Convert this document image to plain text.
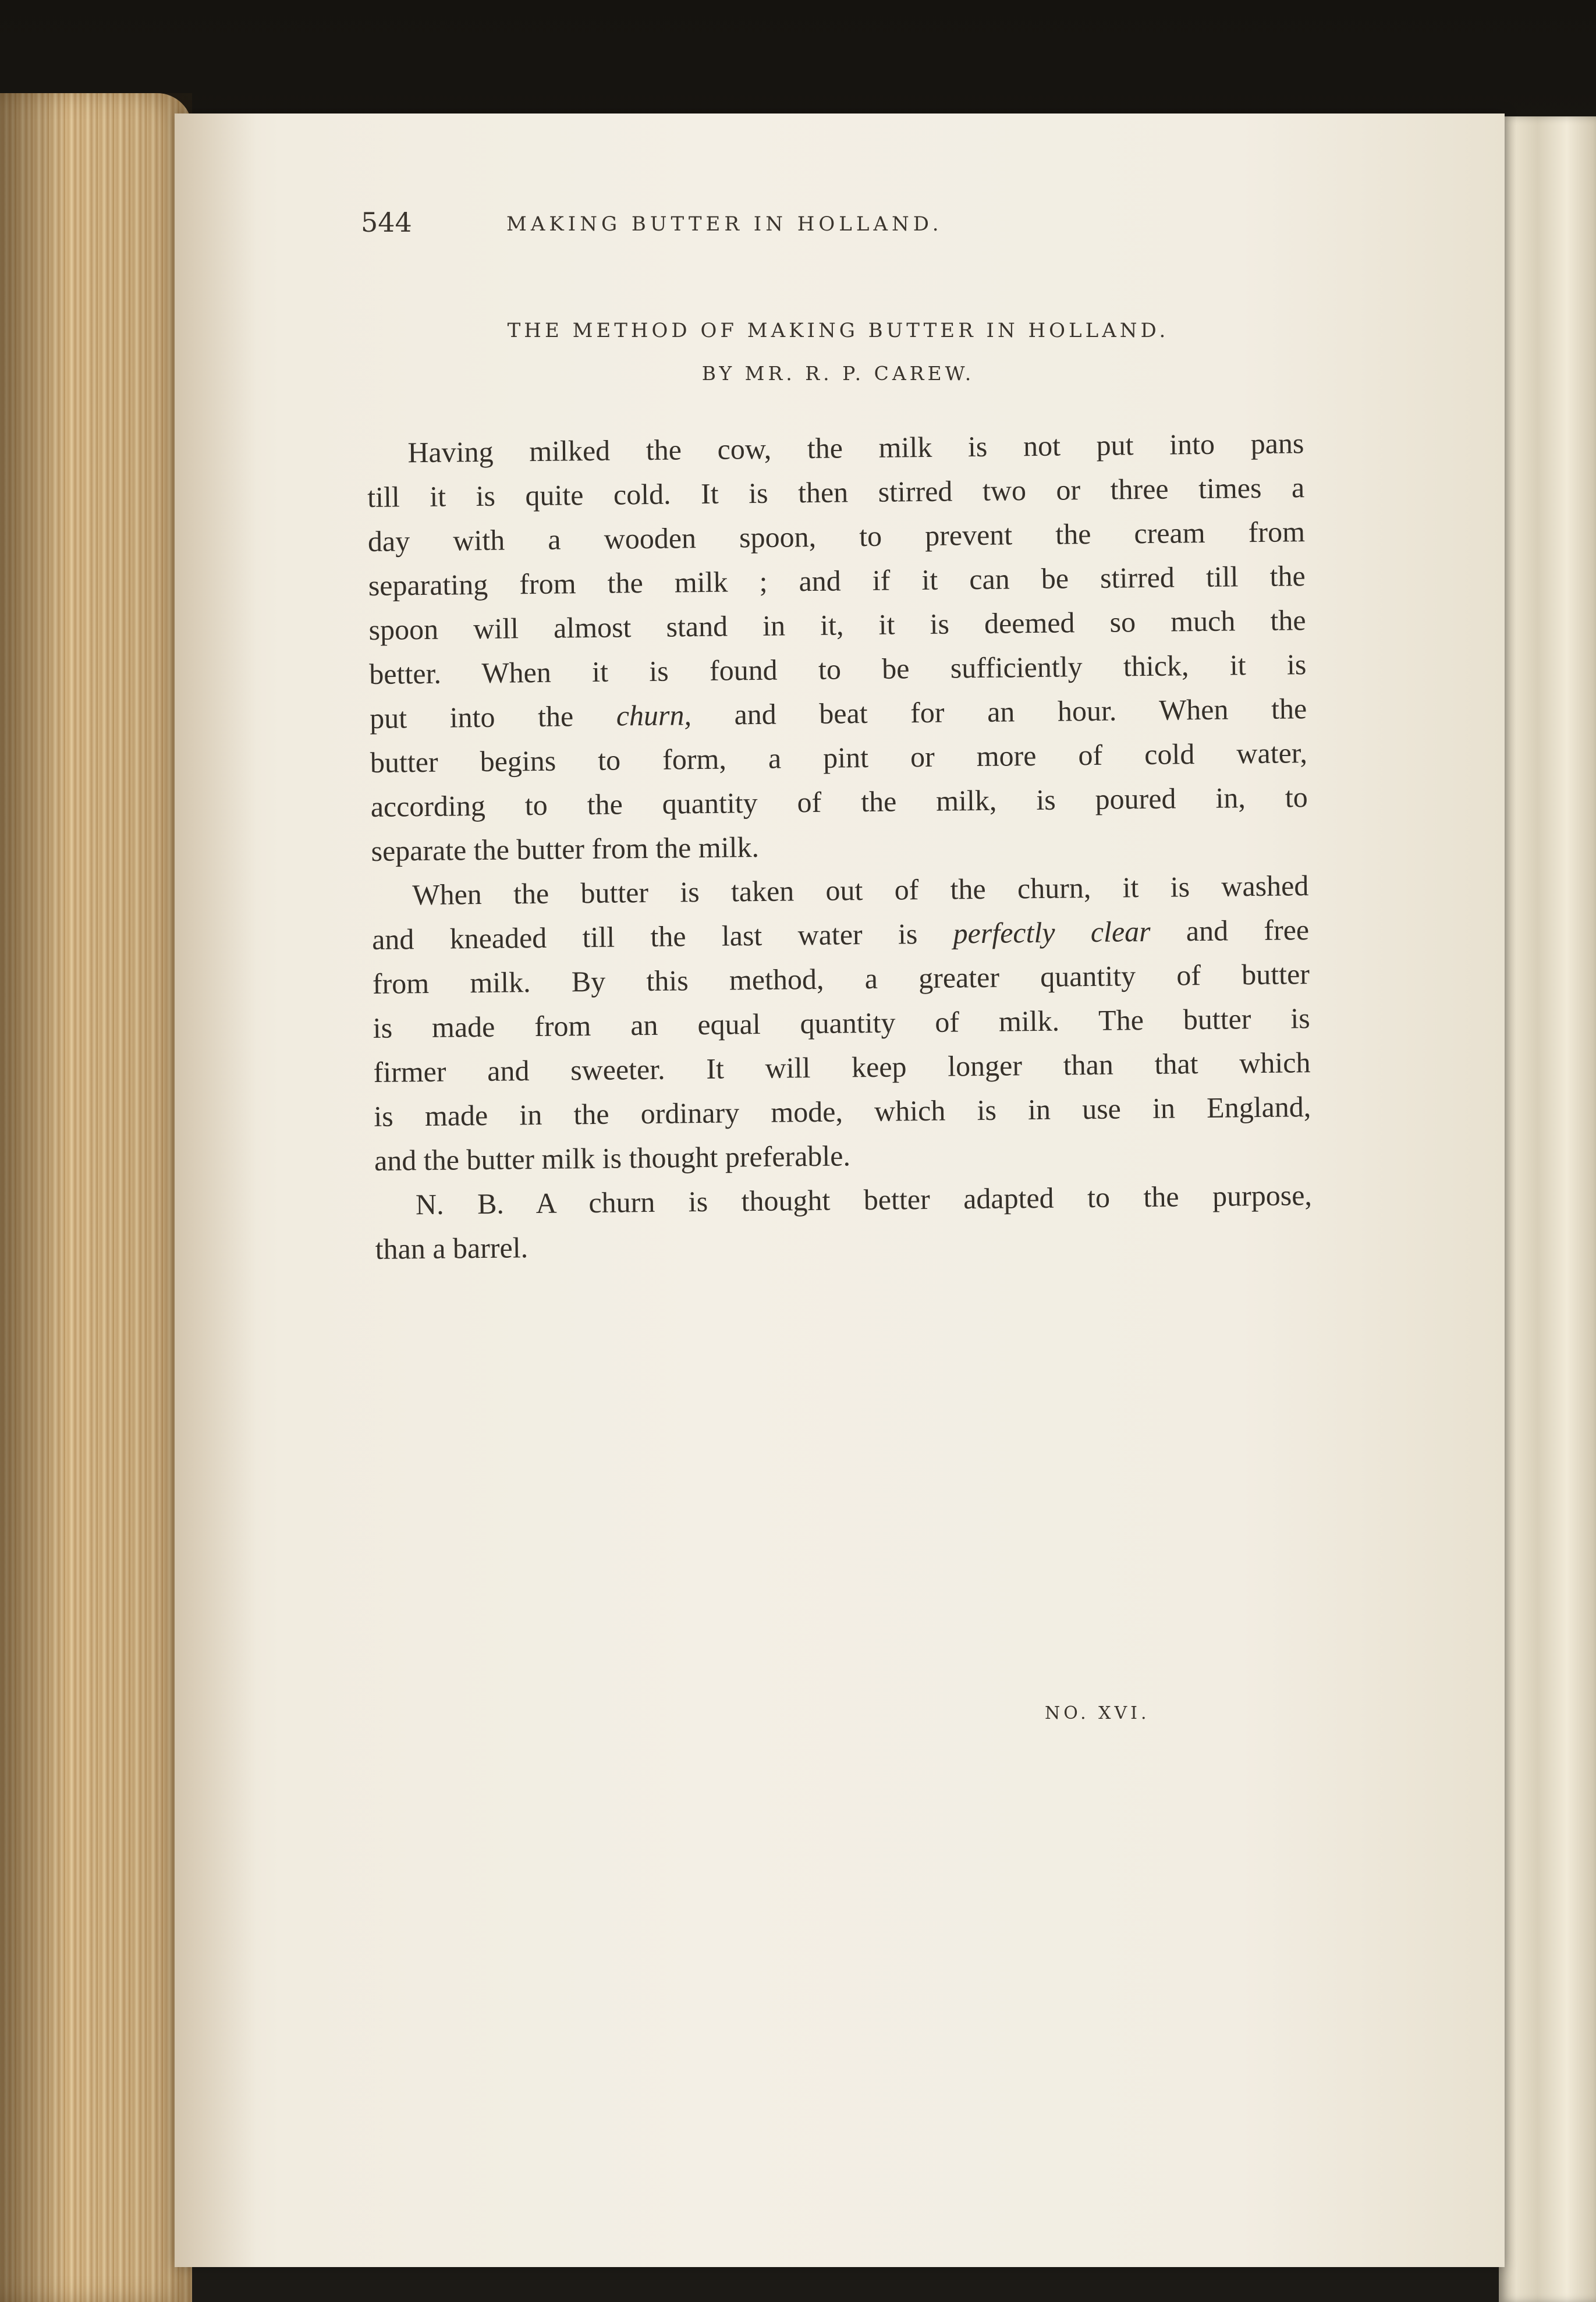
544	MAKING BUTTER IN HOLLAND.
THE METHOD OF MAKING BUTTER IN HOLLAND.
BY MR. R. P. CAREW.
Having milked the cow, the milk is not put into pans
till it is quite cold. It is then stirred two or three times a
day with a wooden spoon, to prevent the cream from
separating from the milk ; and if it can be stirred till the
spoon will almost stand in it, it is deemed so much the
better. When it is found to be sufficiently thick, it is
put into the churn, and beat for an hour. When the
butter begins to form, a pint or more of cold water,
according to the quantity of the milk, is poured in, to
separate the butter from the milk.
When the butter is taken out of the churn, it is washed
and kneaded till the last water is perfectly clear and free
from milk. By this method, a greater quantity of butter
is made from an equal quantity of milk. The butter is
firmer and sweeter. It will keep longer than that which
is made in the ordinary mode, which is in use in England,
and the butter milk is thought preferable.
N. B. A churn is thought better adapted to the purpose,
than a barrel.
NO. XVI.
